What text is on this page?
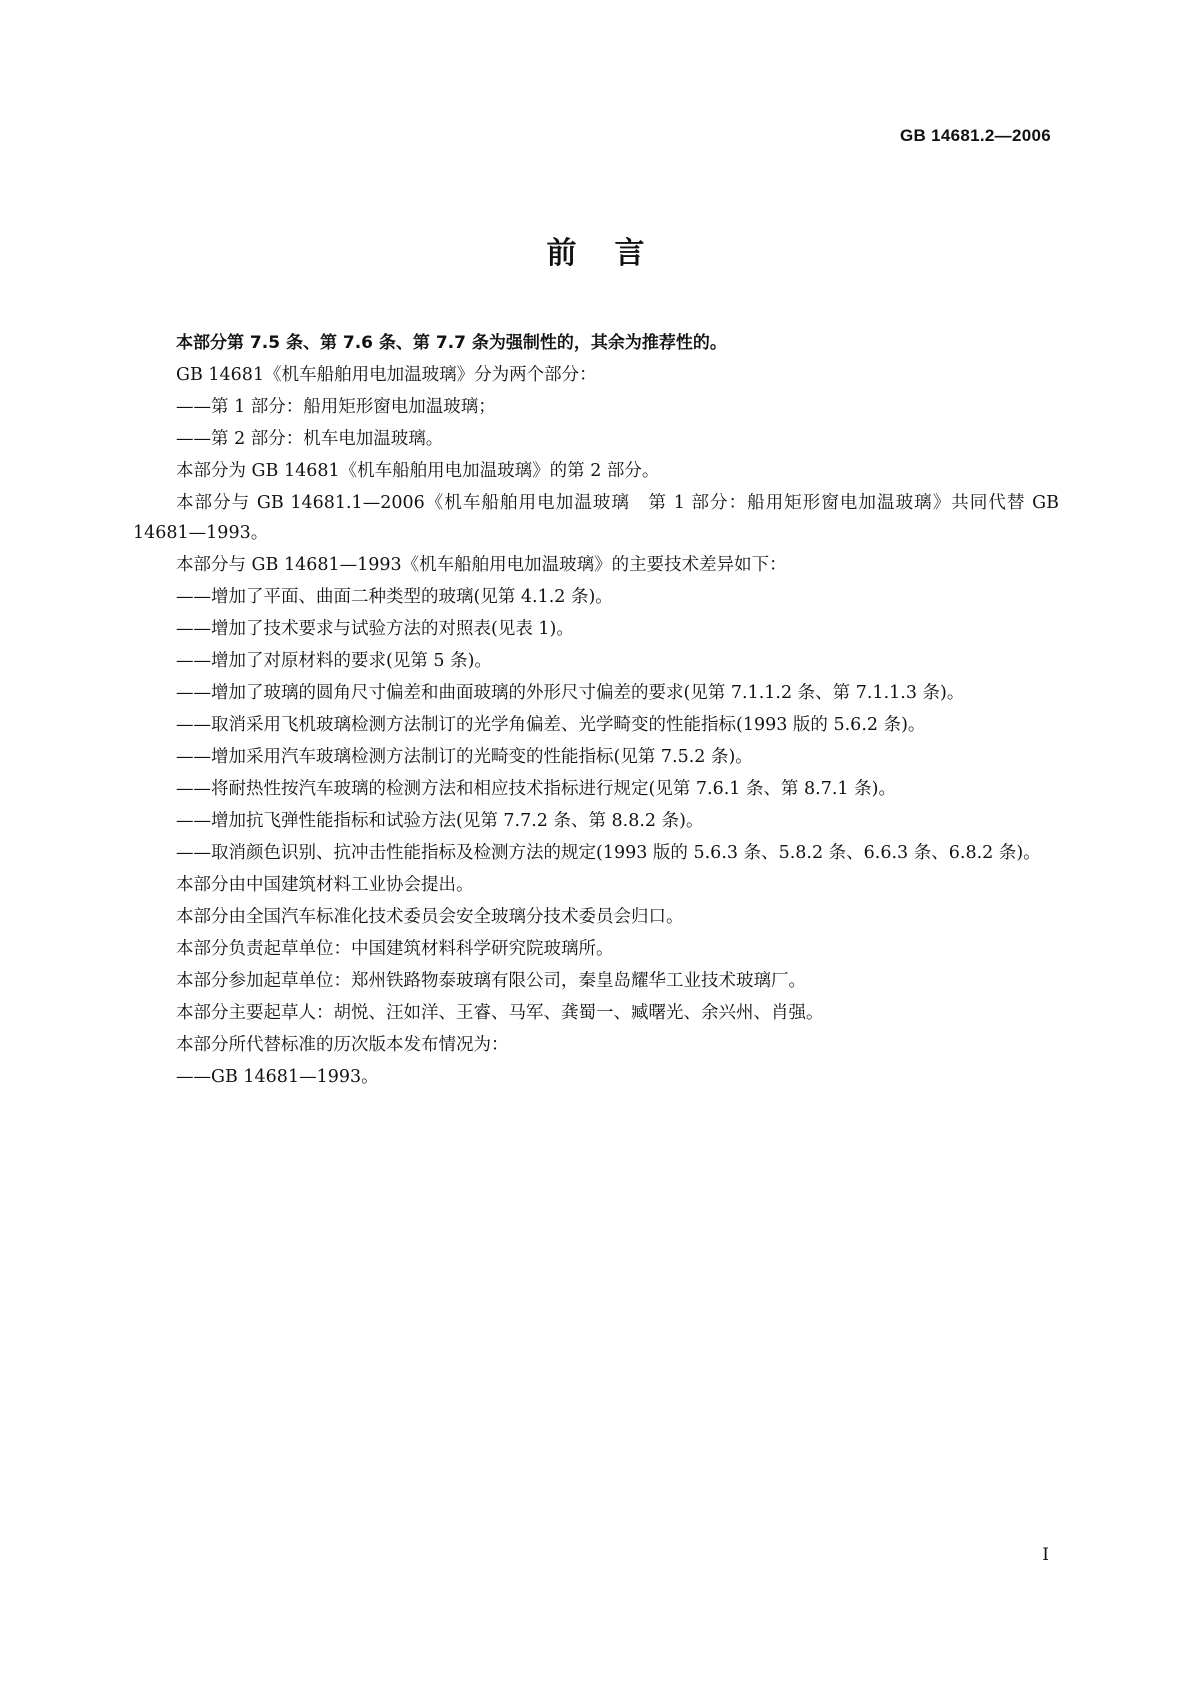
GB 14681.2—2006
前言

本部分第 7.5 条、第 7.6 条、第 7.7 条为强制性的，其余为推荐性的。

GB 14681《机车船舶用电加温玻璃》分为两个部分：

——第 1 部分：船用矩形窗电加温玻璃；

——第 2 部分：机车电加温玻璃。

本部分为 GB 14681《机车船舶用电加温玻璃》的第 2 部分。

本部分与 GB 14681.1—2006《机车船舶用电加温玻璃　第 1 部分：船用矩形窗电加温玻璃》共同代替 GB 14681—1993。

本部分与 GB 14681—1993《机车船舶用电加温玻璃》的主要技术差异如下：

——增加了平面、曲面二种类型的玻璃(见第 4.1.2 条)。

——增加了技术要求与试验方法的对照表(见表 1)。

——增加了对原材料的要求(见第 5 条)。

——增加了玻璃的圆角尺寸偏差和曲面玻璃的外形尺寸偏差的要求(见第 7.1.1.2 条、第 7.1.1.3 条)。

——取消采用飞机玻璃检测方法制订的光学角偏差、光学畸变的性能指标(1993 版的 5.6.2 条)。

——增加采用汽车玻璃检测方法制订的光畸变的性能指标(见第 7.5.2 条)。

——将耐热性按汽车玻璃的检测方法和相应技术指标进行规定(见第 7.6.1 条、第 8.7.1 条)。

——增加抗飞弹性能指标和试验方法(见第 7.7.2 条、第 8.8.2 条)。

——取消颜色识别、抗冲击性能指标及检测方法的规定(1993 版的 5.6.3 条、5.8.2 条、6.6.3 条、6.8.2 条)。

本部分由中国建筑材料工业协会提出。

本部分由全国汽车标准化技术委员会安全玻璃分技术委员会归口。

本部分负责起草单位：中国建筑材料科学研究院玻璃所。

本部分参加起草单位：郑州铁路物泰玻璃有限公司，秦皇岛耀华工业技术玻璃厂。

本部分主要起草人：胡悦、汪如洋、王睿、马军、龚蜀一、臧曙光、余兴州、肖强。

本部分所代替标准的历次版本发布情况为：

——GB 14681—1993。

I
